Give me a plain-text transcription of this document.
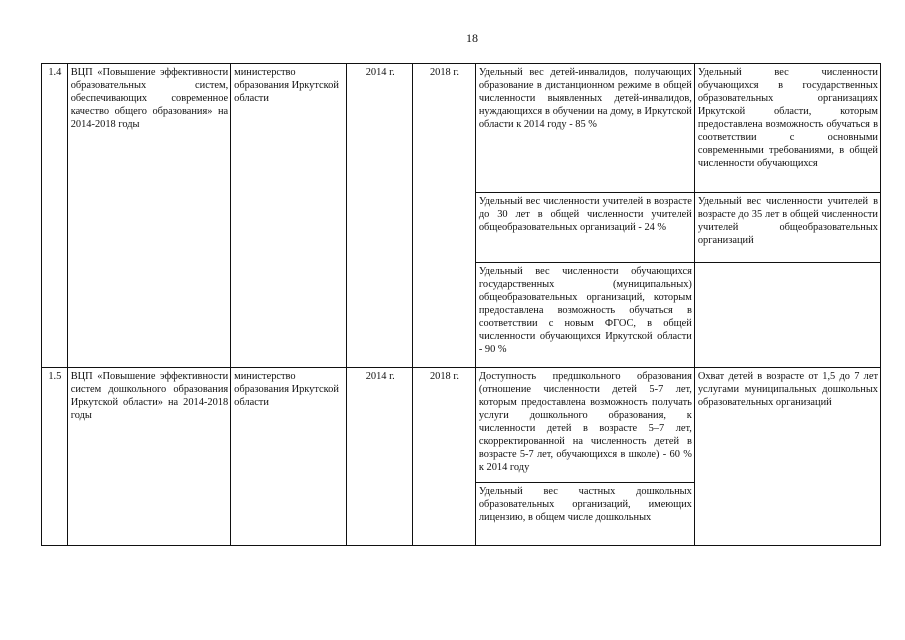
18
1.4	ВЦП «Повышение эффективности образовательных систем, обеспечивающих современное качество общего образования» на 2014-2018 годы	министерство образования Иркутской области	2014 г.	2018 г.	Удельный вес детей-инвалидов, получающих образование в дистанционном режиме в общей численности выявленных детей-инвалидов, нуждающихся в обучении на дому, в Иркутской области к 2014 году - 85 %	Удельный вес численности обучающихся в государственных образовательных организациях Иркутской области, которым предоставлена возможность обучаться в соответствии с основными современными требованиями, в общей численности обучающихся
					Удельный вес численности учителей в возрасте до 30 лет в общей численности учителей общеобразовательных организаций - 24 %	Удельный вес численности учителей в возрасте до 35 лет в общей численности учителей общеобразовательных организаций
					Удельный вес численности обучающихся государственных (муниципальных) общеобразовательных организаций, которым предоставлена возможность обучаться в соответствии с новым ФГОС, в общей численности обучающихся Иркутской области - 90 %	
1.5	ВЦП «Повышение эффективности систем дошкольного образования Иркутской области» на 2014-2018 годы	министерство образования Иркутской области	2014 г.	2018 г.	Доступность предшкольного образования (отношение численности детей 5-7 лет, которым предоставлена возможность получать услуги дошкольного образования, к численности детей в возрасте 5–7 лет, скорректированной на численность детей в возрасте 5-7 лет, обучающихся в школе) - 60 % к 2014 году	Охват детей в возрасте от 1,5 до 7 лет услугами муниципальных дошкольных образовательных организаций
					Удельный вес частных дошкольных образовательных организаций, имеющих лицензию, в общем числе дошкольных	
